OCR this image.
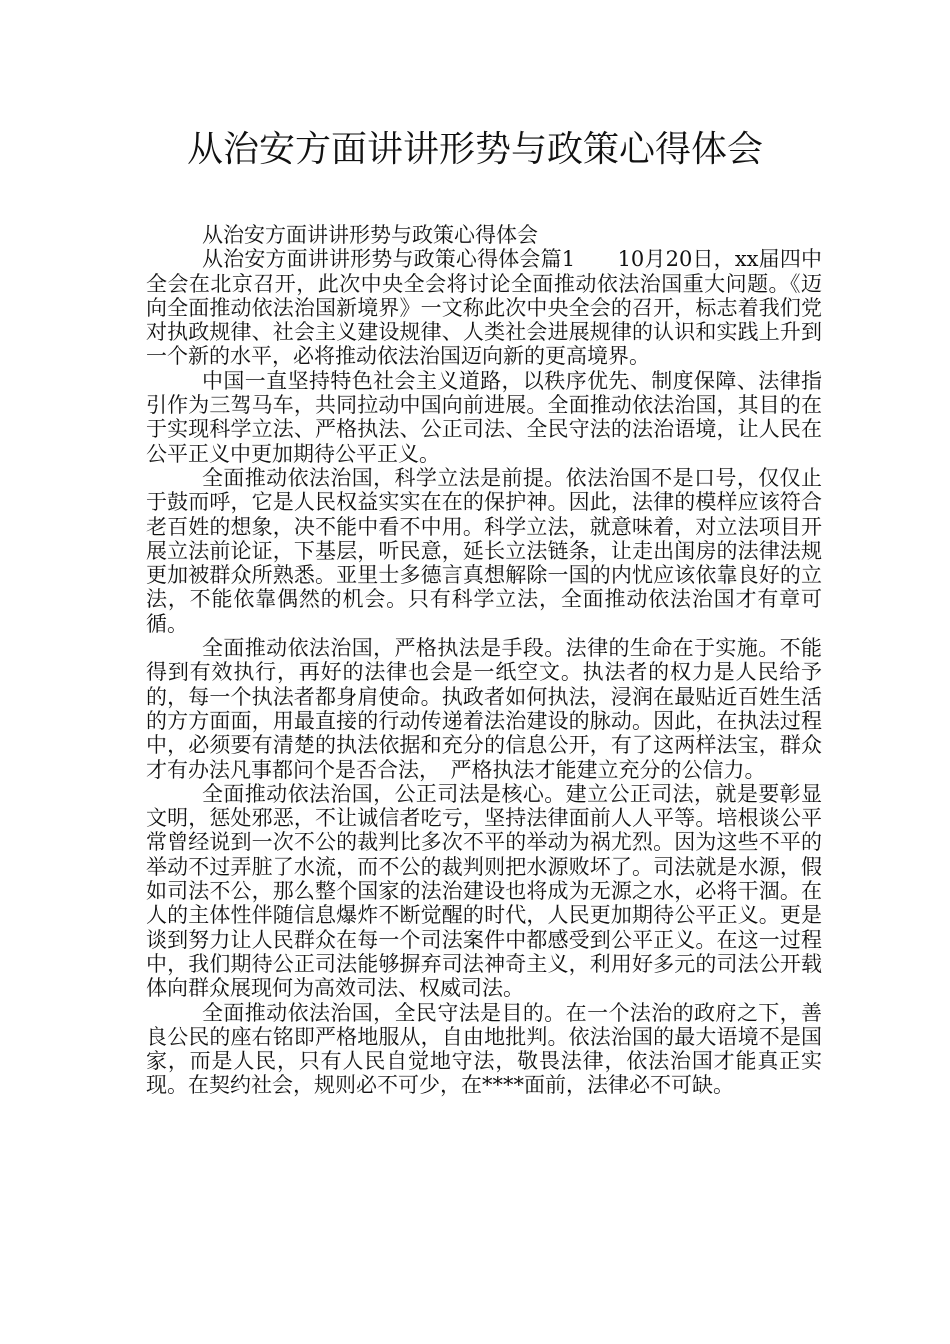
从治安方面讲讲形势与政策心得体会

从治安方面讲讲形势与政策心得体会

从治安方面讲讲形势与政策心得体会篇1　　10月20日，xx届四中全会在北京召开，此次中央全会将讨论全面推动依法治国重大问题。《迈向全面推动依法治国新境界》一文称此次中央全会的召开，标志着我们党对执政规律、社会主义建设规律、人类社会进展规律的认识和实践上升到一个新的水平，必将推动依法治国迈向新的更高境界。

中国一直坚持特色社会主义道路，以秩序优先、制度保障、法律指引作为三驾马车，共同拉动中国向前进展。全面推动依法治国，其目的在于实现科学立法、严格执法、公正司法、全民守法的法治语境，让人民在公平正义中更加期待公平正义。

全面推动依法治国，科学立法是前提。依法治国不是口号，仅仅止于鼓而呼，它是人民权益实实在在的保护神。因此，法律的模样应该符合老百姓的想象，决不能中看不中用。科学立法，就意味着，对立法项目开展立法前论证，下基层，听民意，延长立法链条，让走出闺房的法律法规更加被群众所熟悉。亚里士多德言真想解除一国的内忧应该依靠良好的立法，不能依靠偶然的机会。只有科学立法，全面推动依法治国才有章可循。

全面推动依法治国，严格执法是手段。法律的生命在于实施。不能得到有效执行，再好的法律也会是一纸空文。执法者的权力是人民给予的，每一个执法者都身肩使命。执政者如何执法，浸润在最贴近百姓生活的方方面面，用最直接的行动传递着法治建设的脉动。因此，在执法过程中，必须要有清楚的执法依据和充分的信息公开，有了这两样法宝，群众才有办法凡事都问个是否合法，　严格执法才能建立充分的公信力。

全面推动依法治国，公正司法是核心。建立公正司法，就是要彰显文明，惩处邪恶，不让诚信者吃亏，坚持法律面前人人平等。培根谈公平常曾经说到一次不公的裁判比多次不平的举动为祸尤烈。因为这些不平的举动不过弄脏了水流，而不公的裁判则把水源败坏了。司法就是水源，假如司法不公，那么整个国家的法治建设也将成为无源之水，必将干涸。在人的主体性伴随信息爆炸不断觉醒的时代，人民更加期待公平正义。更是谈到努力让人民群众在每一个司法案件中都感受到公平正义。在这一过程中，我们期待公正司法能够摒弃司法神奇主义，利用好多元的司法公开载体向群众展现何为高效司法、权威司法。

全面推动依法治国，全民守法是目的。在一个法治的政府之下，善良公民的座右铭即严格地服从，自由地批判。依法治国的最大语境不是国家，而是人民，只有人民自觉地守法，敬畏法律，依法治国才能真正实现。在契约社会，规则必不可少，在****面前，法律必不可缺。
